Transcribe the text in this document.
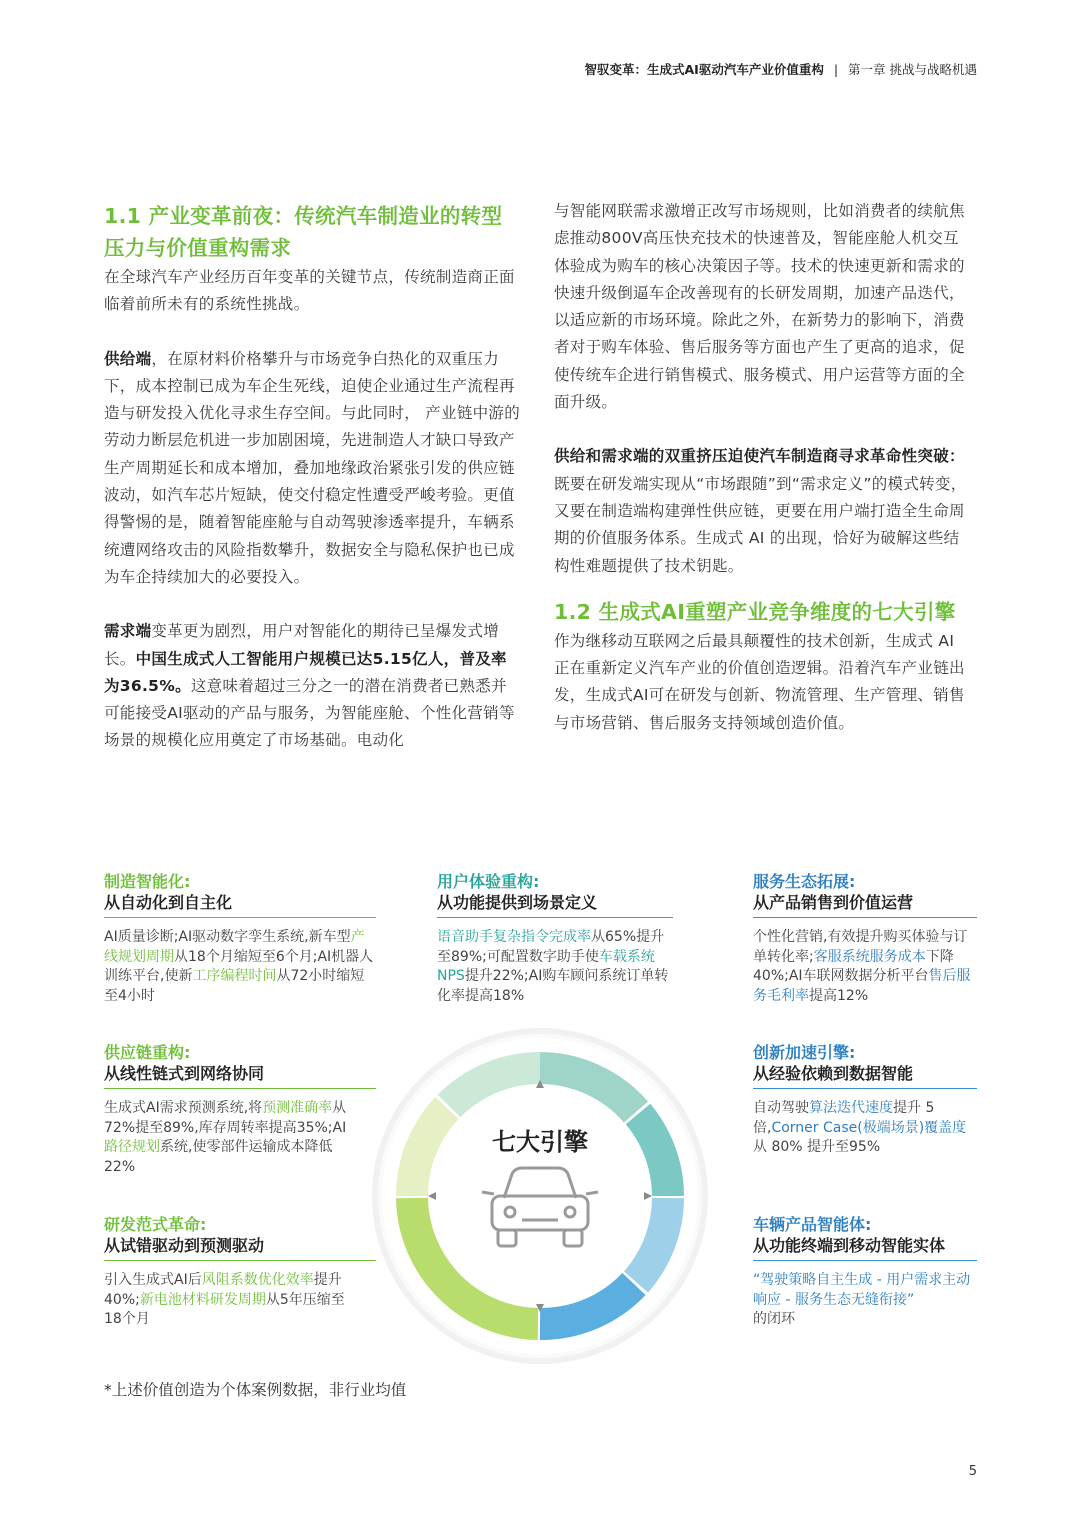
智驭变革：生成式AI驱动汽车产业价值重构 | 第一章 挑战与战略机遇

1.1 产业变革前夜：传统汽车制造业的转型
压力与价值重构需求

在全球汽车产业经历百年变革的关键节点，传统制造商正面临着前所未有的系统性挑战。

供给端，在原材料价格攀升与市场竞争白热化的双重压力下，成本控制已成为车企生死线，迫使企业通过生产流程再造与研发投入优化寻求生存空间。与此同时， 产业链中游的劳动力断层危机进一步加剧困境，先进制造人才缺口导致产生产周期延长和成本增加，叠加地缘政治紧张引发的供应链波动，如汽车芯片短缺，使交付稳定性遭受严峻考验。更值得警惕的是，随着智能座舱与自动驾驶渗透率提升，车辆系统遭网络攻击的风险指数攀升，数据安全与隐私保护也已成为车企持续加大的必要投入。

需求端变革更为剧烈，用户对智能化的期待已呈爆发式增长。中国生成式人工智能用户规模已达5.15亿人，普及率为36.5%。这意味着超过三分之一的潜在消费者已熟悉并可能接受AI驱动的产品与服务，为智能座舱、个性化营销等场景的规模化应用奠定了市场基础。电动化

与智能网联需求激增正改写市场规则，比如消费者的续航焦虑推动800V高压快充技术的快速普及，智能座舱人机交互体验成为购车的核心决策因子等。技术的快速更新和需求的快速升级倒逼车企改善现有的长研发周期，加速产品迭代，以适应新的市场环境。除此之外，在新势力的影响下，消费者对于购车体验、售后服务等方面也产生了更高的追求，促使传统车企进行销售模式、服务模式、用户运营等方面的全面升级。

供给和需求端的双重挤压迫使汽车制造商寻求革命性突破：既要在研发端实现从“市场跟随”到“需求定义”的模式转变，又要在制造端构建弹性供应链，更要在用户端打造全生命周期的价值服务体系。生成式 AI 的出现，恰好为破解这些结构性难题提供了技术钥匙。

1.2 生成式AI重塑产业竞争维度的七大引擎

作为继移动互联网之后最具颠覆性的技术创新，生成式 AI 正在重新定义汽车产业的价值创造逻辑。沿着汽车产业链出发，生成式AI可在研发与创新、物流管理、生产管理、销售与市场营销、售后服务支持领域创造价值。

七大引擎
制造智能化:
从自动化到自主化
AI质量诊断;AI驱动数字孪生系统,新车型产线规划周期从18个月缩短至6个月;AI机器人训练平台,使新工序编程时间从72小时缩短至4小时
用户体验重构:
从功能提供到场景定义
语音助手复杂指令完成率从65%提升至89%;可配置数字助手使车载系统NPS提升22%;AI购车顾问系统订单转化率提高18%
服务生态拓展:
从产品销售到价值运营
个性化营销,有效提升购买体验与订单转化率;客服系统服务成本下降40%;AI车联网数据分析平台售后服务毛利率提高12%
供应链重构:
从线性链式到网络协同
生成式AI需求预测系统,将预测准确率从72%提至89%,库存周转率提高35%;AI路径规划系统,使零部件运输成本降低 22%
创新加速引擎:
从经验依赖到数据智能
自动驾驶算法迭代速度提升 5倍,Corner Case(极端场景)覆盖度从 80% 提升至95%
研发范式革命:
从试错驱动到预测驱动
引入生成式AI后风阻系数优化效率提升40%;新电池材料研发周期从5年压缩至18个月
车辆产品智能体:
从功能终端到移动智能实体
“驾驶策略自主生成 - 用户需求主动响应 - 服务生态无缝衔接”
的闭环
*上述价值创造为个体案例数据，非行业均值
5
